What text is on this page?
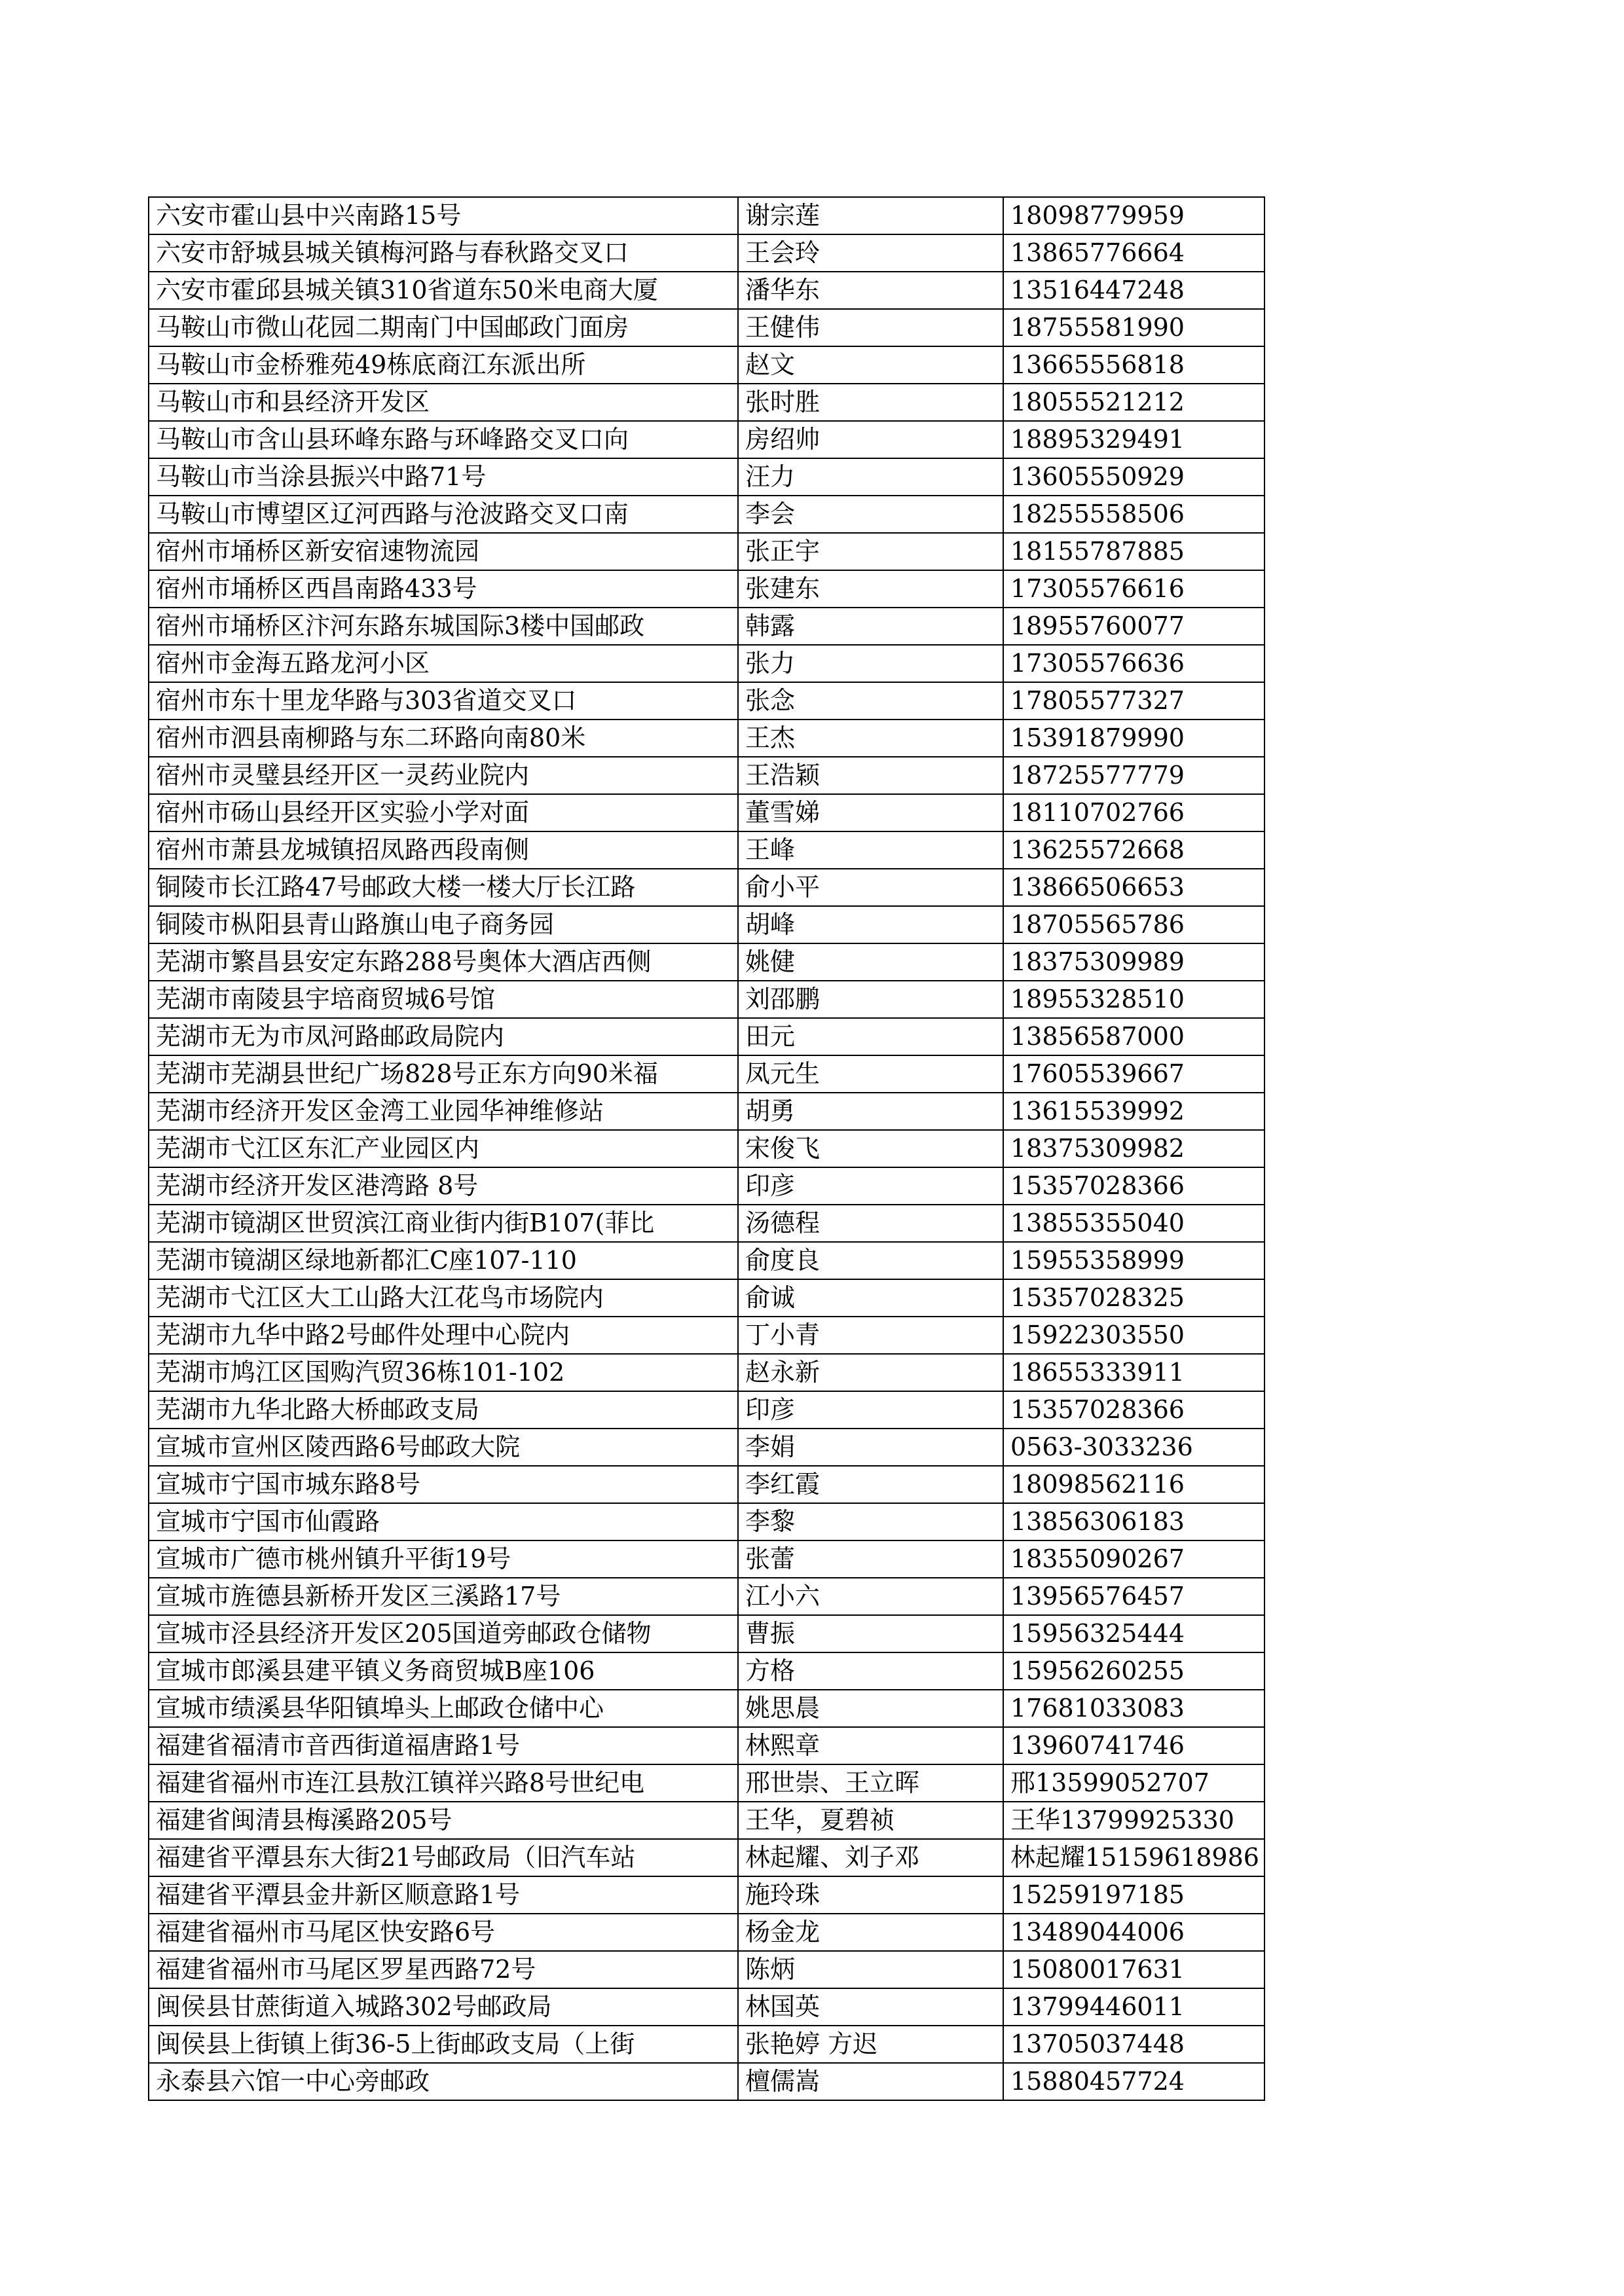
六安市霍山县中兴南路15号	谢宗莲	18098779959
六安市舒城县城关镇梅河路与春秋路交叉口	王会玲	13865776664
六安市霍邱县城关镇310省道东50米电商大厦	潘华东	13516447248
马鞍山市微山花园二期南门中国邮政门面房	王健伟	18755581990
马鞍山市金桥雅苑49栋底商江东派出所	赵文	13665556818
马鞍山市和县经济开发区	张时胜	18055521212
马鞍山市含山县环峰东路与环峰路交叉口向	房绍帅	18895329491
马鞍山市当涂县振兴中路71号	汪力	13605550929
马鞍山市博望区辽河西路与沧波路交叉口南	李会	18255558506
宿州市埇桥区新安宿速物流园	张正宇	18155787885
宿州市埇桥区西昌南路433号	张建东	17305576616
宿州市埇桥区汴河东路东城国际3楼中国邮政	韩露	18955760077
宿州市金海五路龙河小区	张力	17305576636
宿州市东十里龙华路与303省道交叉口	张念	17805577327
宿州市泗县南柳路与东二环路向南80米	王杰	15391879990
宿州市灵璧县经开区一灵药业院内	王浩颖	18725577779
宿州市砀山县经开区实验小学对面	董雪娣	18110702766
宿州市萧县龙城镇招凤路西段南侧	王峰	13625572668
铜陵市长江路47号邮政大楼一楼大厅长江路	俞小平	13866506653
铜陵市枞阳县青山路旗山电子商务园	胡峰	18705565786
芜湖市繁昌县安定东路288号奥体大酒店西侧	姚健	18375309989
芜湖市南陵县宇培商贸城6号馆	刘邵鹏	18955328510
芜湖市无为市凤河路邮政局院内	田元	13856587000
芜湖市芜湖县世纪广场828号正东方向90米福	凤元生	17605539667
芜湖市经济开发区金湾工业园华神维修站	胡勇	13615539992
芜湖市弋江区东汇产业园区内	宋俊飞	18375309982
芜湖市经济开发区港湾路 8号	印彦	15357028366
芜湖市镜湖区世贸滨江商业街内街B107(菲比	汤德程	13855355040
芜湖市镜湖区绿地新都汇C座107-110	俞度良	15955358999
芜湖市弋江区大工山路大江花鸟市场院内	俞诚	15357028325
芜湖市九华中路2号邮件处理中心院内	丁小青	15922303550
芜湖市鸠江区国购汽贸36栋101-102	赵永新	18655333911
芜湖市九华北路大桥邮政支局	印彦	15357028366
宣城市宣州区陵西路6号邮政大院	李娟	0563-3033236
宣城市宁国市城东路8号	李红霞	18098562116
宣城市宁国市仙霞路	李黎	13856306183
宣城市广德市桃州镇升平街19号	张蕾	18355090267
宣城市旌德县新桥开发区三溪路17号	江小六	13956576457
宣城市泾县经济开发区205国道旁邮政仓储物	曹振	15956325444
宣城市郎溪县建平镇义务商贸城B座106	方格	15956260255
宣城市绩溪县华阳镇埠头上邮政仓储中心	姚思晨	17681033083
福建省福清市音西街道福唐路1号	林熙章	13960741746
福建省福州市连江县敖江镇祥兴路8号世纪电	邢世崇、王立晖	邢13599052707
福建省闽清县梅溪路205号	王华，夏碧祯	王华13799925330
福建省平潭县东大街21号邮政局（旧汽车站	林起耀、刘子邓	林起耀15159618986
福建省平潭县金井新区顺意路1号	施玲珠	15259197185
福建省福州市马尾区快安路6号	杨金龙	13489044006
福建省福州市马尾区罗星西路72号	陈炳	15080017631
闽侯县甘蔗街道入城路302号邮政局	林国英	13799446011
闽侯县上街镇上街36-5上街邮政支局（上街	张艳婷 方迟	13705037448
永泰县六馆一中心旁邮政	檀儒嵩	15880457724
